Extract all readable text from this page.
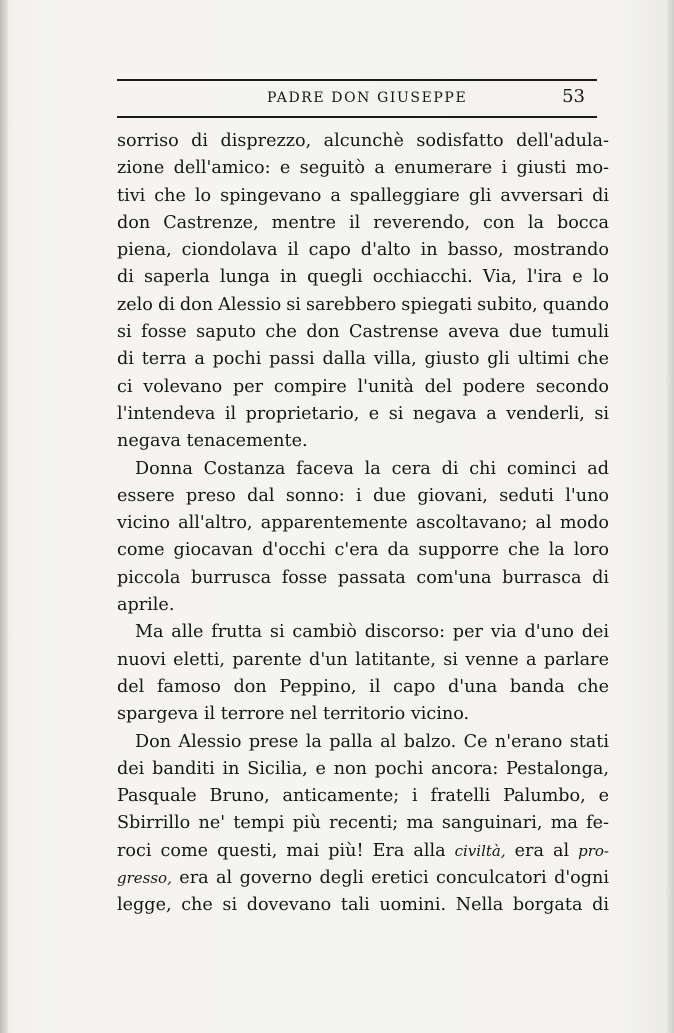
PADRE DON GIUSEPPE	53
sorriso di disprezzo, alcunchè sodisfatto dell'adula-
zione dell'amico: e seguitò a enumerare i giusti mo-
tivi che lo spingevano a spalleggiare gli avversari di
don Castrenze, mentre il reverendo, con la bocca
piena, ciondolava il capo d'alto in basso, mostrando
di saperla lunga in quegli occhiacchi. Via, l'ira e lo
zelo di don Alessio si sarebbero spiegati subito, quando
si fosse saputo che don Castrense aveva due tumuli
di terra a pochi passi dalla villa, giusto gli ultimi che
ci volevano per compire l'unità del podere secondo
l'intendeva il proprietario, e si negava a venderli, si
negava tenacemente.
Donna Costanza faceva la cera di chi cominci ad
essere preso dal sonno: i due giovani, seduti l'uno
vicino all'altro, apparentemente ascoltavano; al modo
come giocavan d'occhi c'era da supporre che la loro
piccola burrusca fosse passata com'una burrasca di
aprile.
Ma alle frutta si cambiò discorso: per via d'uno dei
nuovi eletti, parente d'un latitante, si venne a parlare
del famoso don Peppino, il capo d'una banda che
spargeva il terrore nel territorio vicino.
Don Alessio prese la palla al balzo. Ce n'erano stati
dei banditi in Sicilia, e non pochi ancora: Pestalonga,
Pasquale Bruno, anticamente; i fratelli Palumbo, e
Sbirrillo ne' tempi più recenti; ma sanguinari, ma fe-
roci come questi, mai più! Era alla civiltà, era al pro-
gresso, era al governo degli eretici conculcatori d'ogni
legge, che si dovevano tali uomini. Nella borgata di
